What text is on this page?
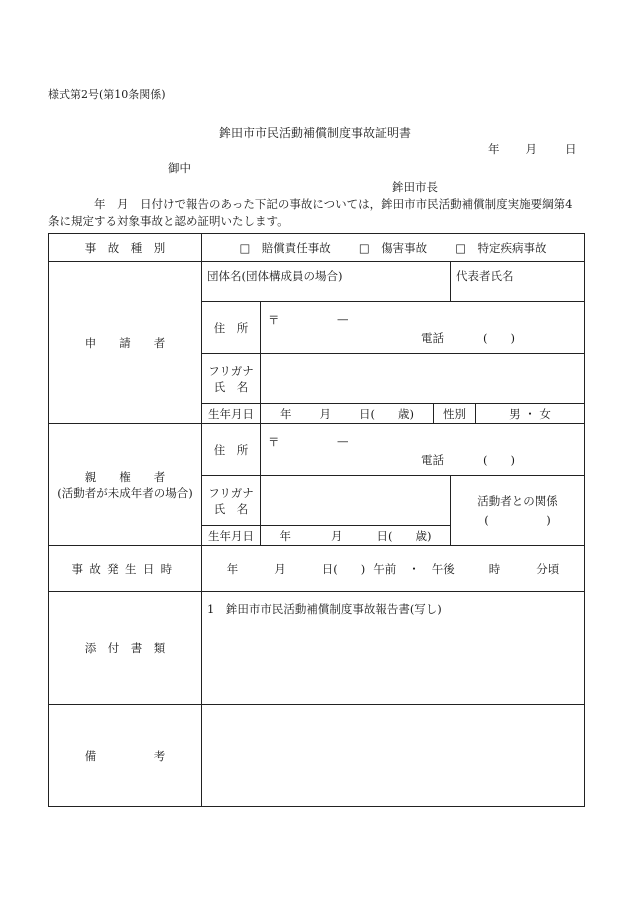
様式第2号(第10条関係)
鉾田市市民活動補償制度事故証明書
年 月 日
御中
鉾田市長
年　月　日付けで報告のあった下記の事故については，鉾田市市民活動補償制度実施要綱第4
条に規定する対象事故と認め証明いたします。
事　故　種　別	□　賠償責任事故 □　傷害事故 □　特定疾病事故				
申　　請　　者	団体名(団体構成員の場合)			代表者氏名	

	住　所	〒 —
電話 (　　)			

	フリガナ
氏　名				
	生年月日	年 月 日(　　歳)	性別		男 ・ 女
親　　権　　者
(活動者が未成年者の場合)	住　所	〒 —
電話 (　　)			

	フリガナ
氏　名			活動者との関係
(　　　　　)	

	生年月日	年 月 日(　　歳)			
事故発生日時	年 月 日(　　) 午前 ・ 午後 時 分頃				
添　付　書　類	1　鉾田市市民活動補償制度事故報告書(写し)				

備　　　　　考					
